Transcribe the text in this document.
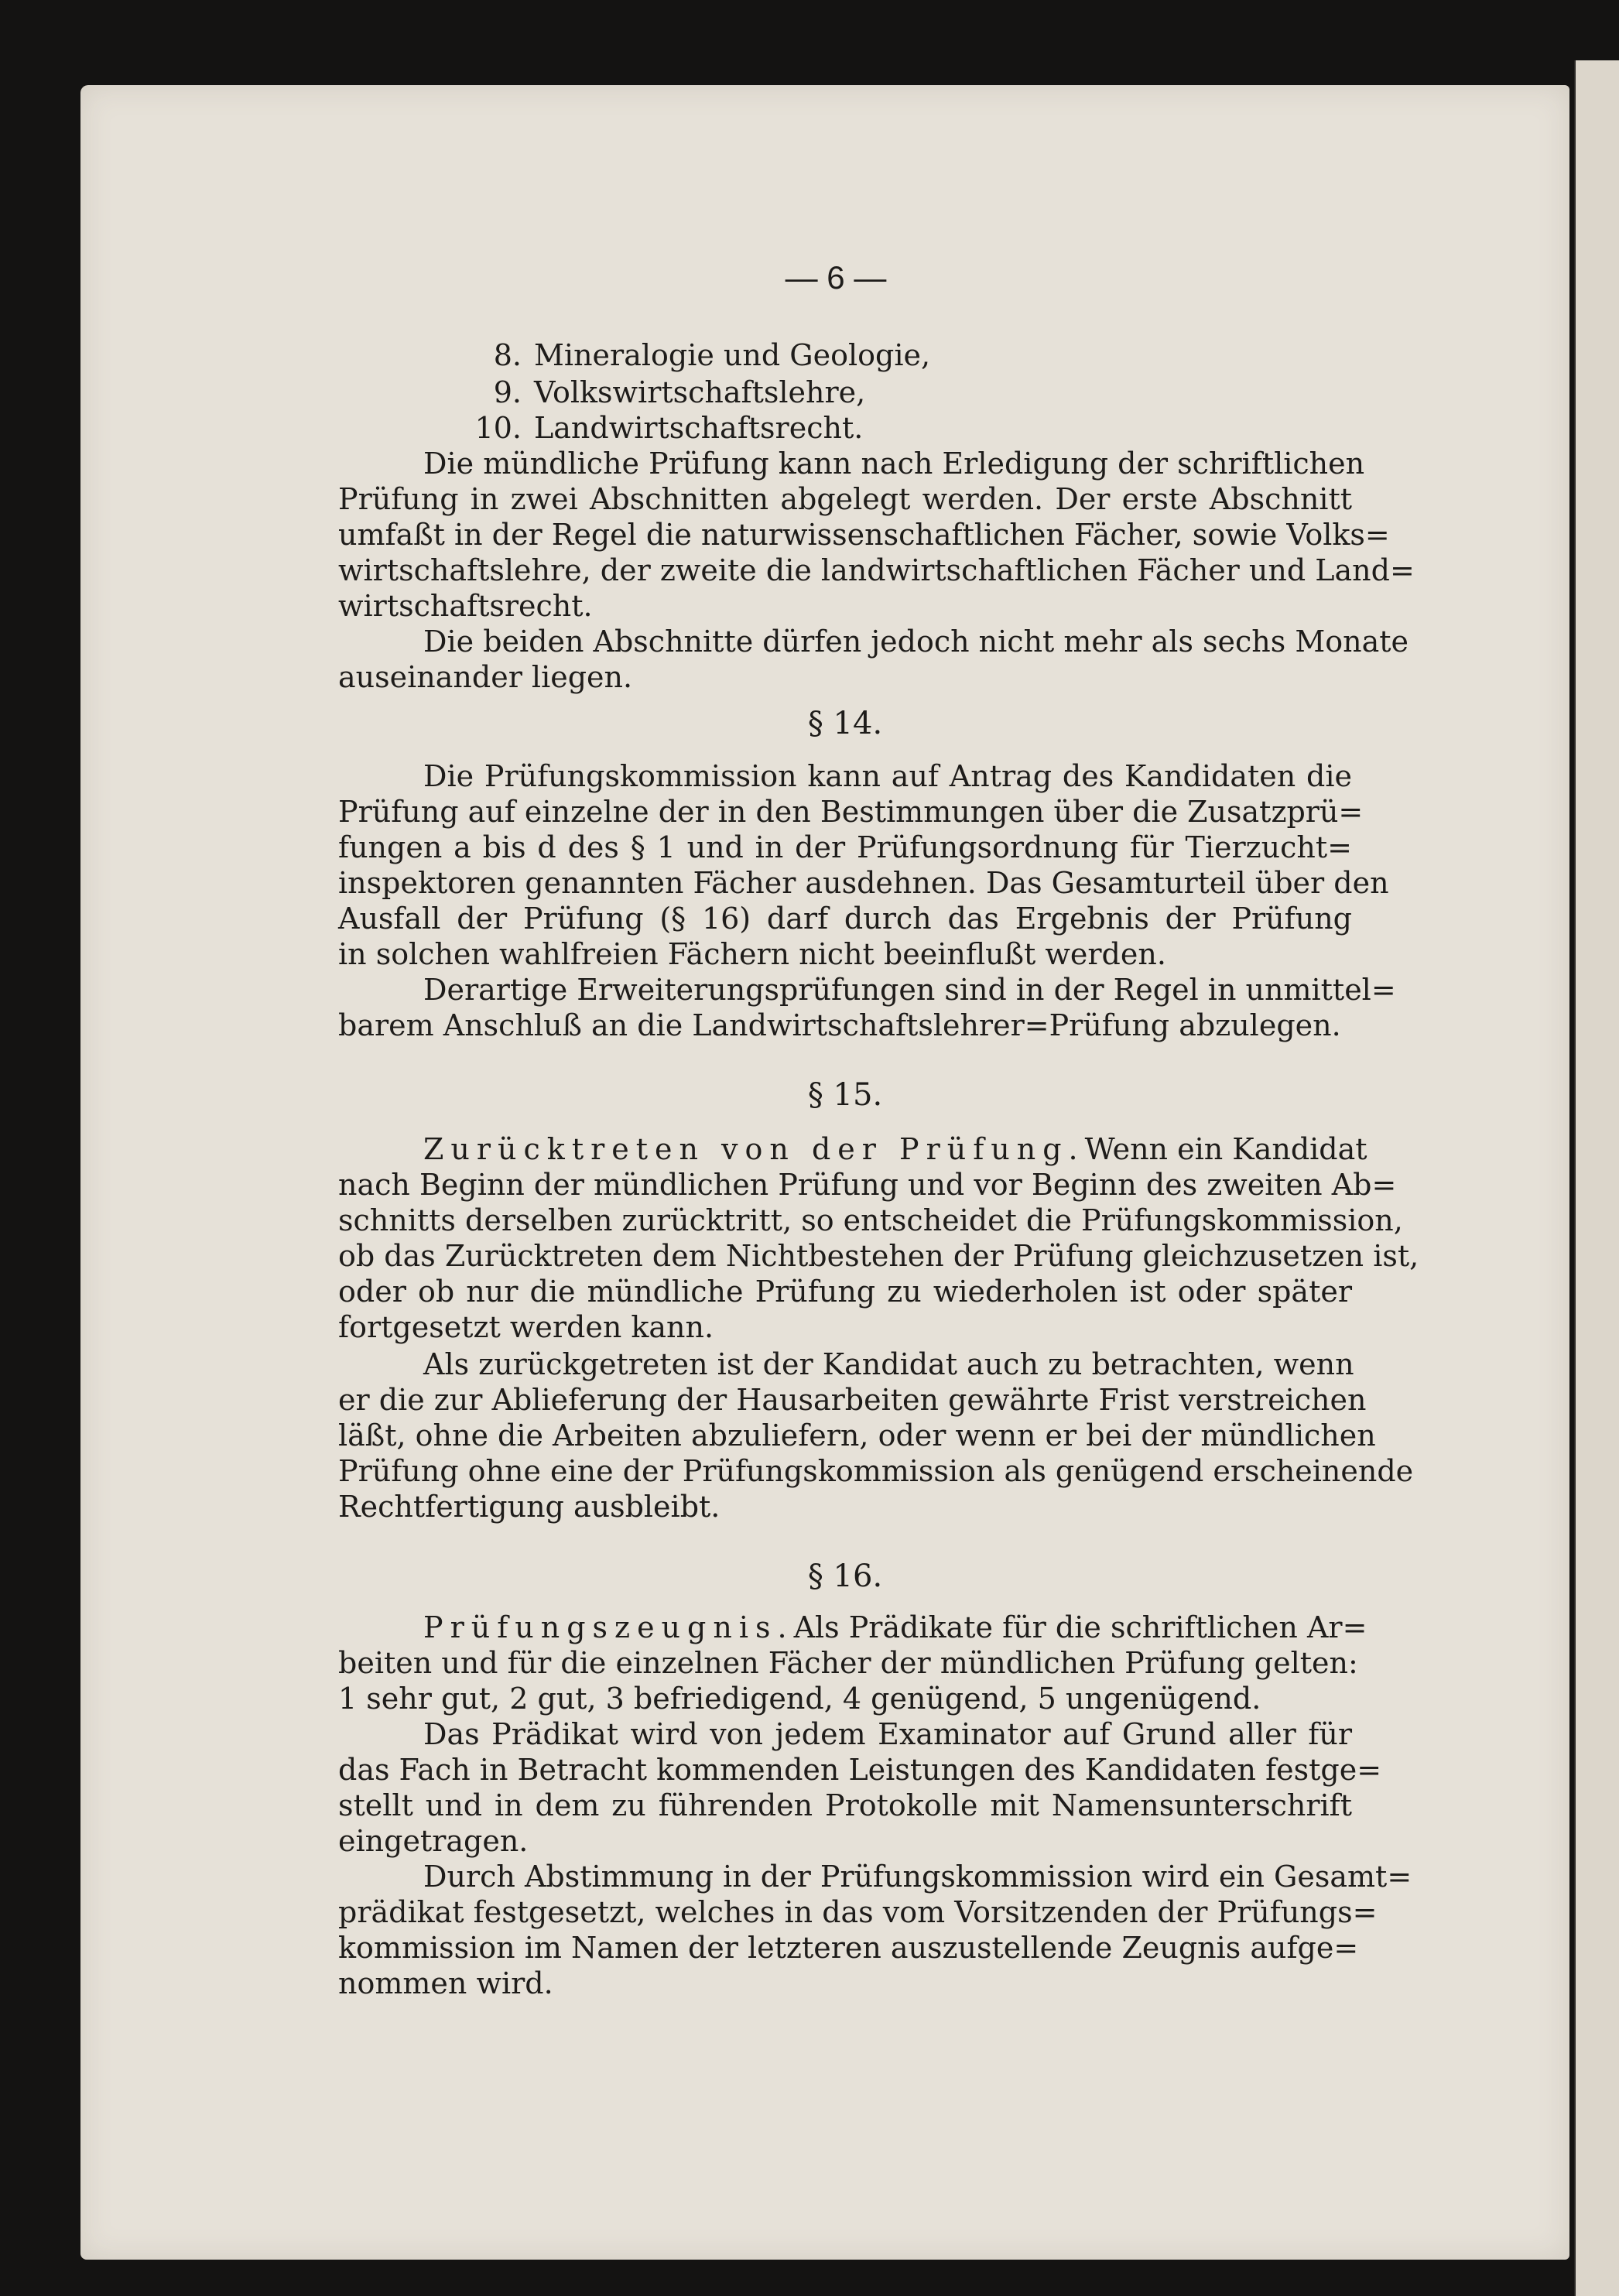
— 6 —
8. Mineralogie und Geologie,
9. Volkswirtschaftslehre,
10. Landwirtschaftsrecht.
Die mündliche Prüfung kann nach Erledigung der schriftlichen
Prüfung in zwei Abschnitten abgelegt werden. Der erste Abschnitt
umfaßt in der Regel die naturwissenschaftlichen Fächer, sowie Volks=
wirtschaftslehre, der zweite die landwirtschaftlichen Fächer und Land=
wirtschaftsrecht.
Die beiden Abschnitte dürfen jedoch nicht mehr als sechs Monate
auseinander liegen.
§ 14.
Die Prüfungskommission kann auf Antrag des Kandidaten die
Prüfung auf einzelne der in den Bestimmungen über die Zusatzprü=
fungen a bis d des § 1 und in der Prüfungsordnung für Tierzucht=
inspektoren genannten Fächer ausdehnen. Das Gesamturteil über den
Ausfall der Prüfung (§ 16) darf durch das Ergebnis der Prüfung
in solchen wahlfreien Fächern nicht beeinflußt werden.
Derartige Erweiterungsprüfungen sind in der Regel in unmittel=
barem Anschluß an die Landwirtschaftslehrer=Prüfung abzulegen.
§ 15.
Zurücktreten von der Prüfung. Wenn ein Kandidat
nach Beginn der mündlichen Prüfung und vor Beginn des zweiten Ab=
schnitts derselben zurücktritt, so entscheidet die Prüfungskommission,
ob das Zurücktreten dem Nichtbestehen der Prüfung gleichzusetzen ist,
oder ob nur die mündliche Prüfung zu wiederholen ist oder später
fortgesetzt werden kann.
Als zurückgetreten ist der Kandidat auch zu betrachten, wenn
er die zur Ablieferung der Hausarbeiten gewährte Frist verstreichen
läßt, ohne die Arbeiten abzuliefern, oder wenn er bei der mündlichen
Prüfung ohne eine der Prüfungskommission als genügend erscheinende
Rechtfertigung ausbleibt.
§ 16.
Prüfungszeugnis. Als Prädikate für die schriftlichen Ar=
beiten und für die einzelnen Fächer der mündlichen Prüfung gelten:
1 sehr gut, 2 gut, 3 befriedigend, 4 genügend, 5 ungenügend.
Das Prädikat wird von jedem Examinator auf Grund aller für
das Fach in Betracht kommenden Leistungen des Kandidaten festge=
stellt und in dem zu führenden Protokolle mit Namensunterschrift
eingetragen.
Durch Abstimmung in der Prüfungskommission wird ein Gesamt=
prädikat festgesetzt, welches in das vom Vorsitzenden der Prüfungs=
kommission im Namen der letzteren auszustellende Zeugnis aufge=
nommen wird.
